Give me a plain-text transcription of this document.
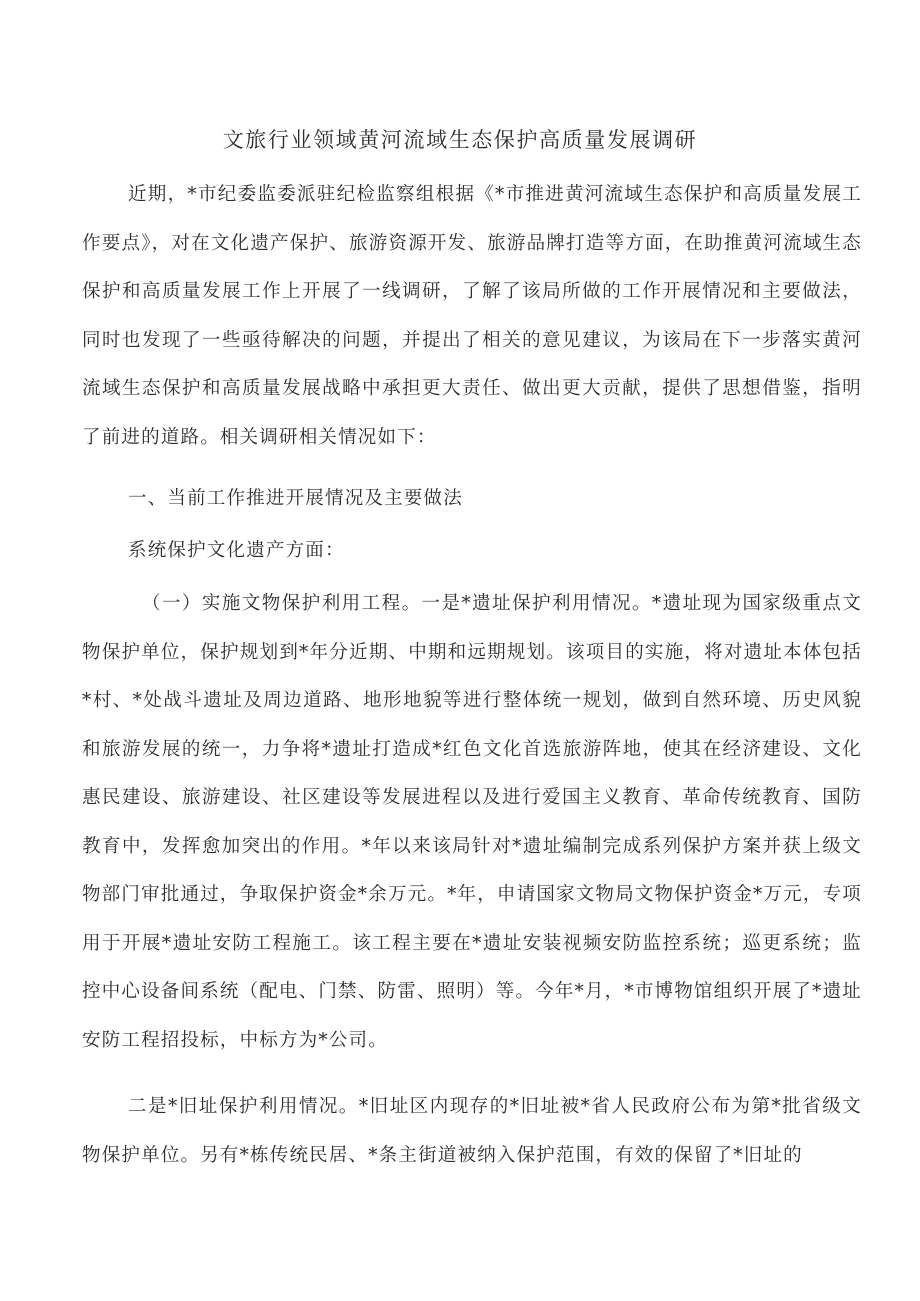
文旅行业领域黄河流域生态保护高质量发展调研
近期，*市纪委监委派驻纪检监察组根据《*市推进黄河流域生态保护和高质量发展工作要点》，对在文化遗产保护、旅游资源开发、旅游品牌打造等方面，在助推黄河流域生态保护和高质量发展工作上开展了一线调研，了解了该局所做的工作开展情况和主要做法，同时也发现了一些亟待解决的问题，并提出了相关的意见建议，为该局在下一步落实黄河流域生态保护和高质量发展战略中承担更大责任、做出更大贡献，提供了思想借鉴，指明了前进的道路。相关调研相关情况如下：
一、当前工作推进开展情况及主要做法
系统保护文化遗产方面：
（一）实施文物保护利用工程。一是*遗址保护利用情况。*遗址现为国家级重点文物保护单位，保护规划到*年分近期、中期和远期规划。该项目的实施，将对遗址本体包括*村、*处战斗遗址及周边道路、地形地貌等进行整体统一规划，做到自然环境、历史风貌和旅游发展的统一，力争将*遗址打造成*红色文化首选旅游阵地，使其在经济建设、文化惠民建设、旅游建设、社区建设等发展进程以及进行爱国主义教育、革命传统教育、国防教育中，发挥愈加突出的作用。*年以来该局针对*遗址编制完成系列保护方案并获上级文物部门审批通过，争取保护资金*余万元。*年，申请国家文物局文物保护资金*万元，专项用于开展*遗址安防工程施工。该工程主要在*遗址安装视频安防监控系统；巡更系统；监控中心设备间系统（配电、门禁、防雷、照明）等。今年*月，*市博物馆组织开展了*遗址安防工程招投标，中标方为*公司。
二是*旧址保护利用情况。*旧址区内现存的*旧址被*省人民政府公布为第*批省级文物保护单位。另有*栋传统民居、*条主街道被纳入保护范围，有效的保留了*旧址的
